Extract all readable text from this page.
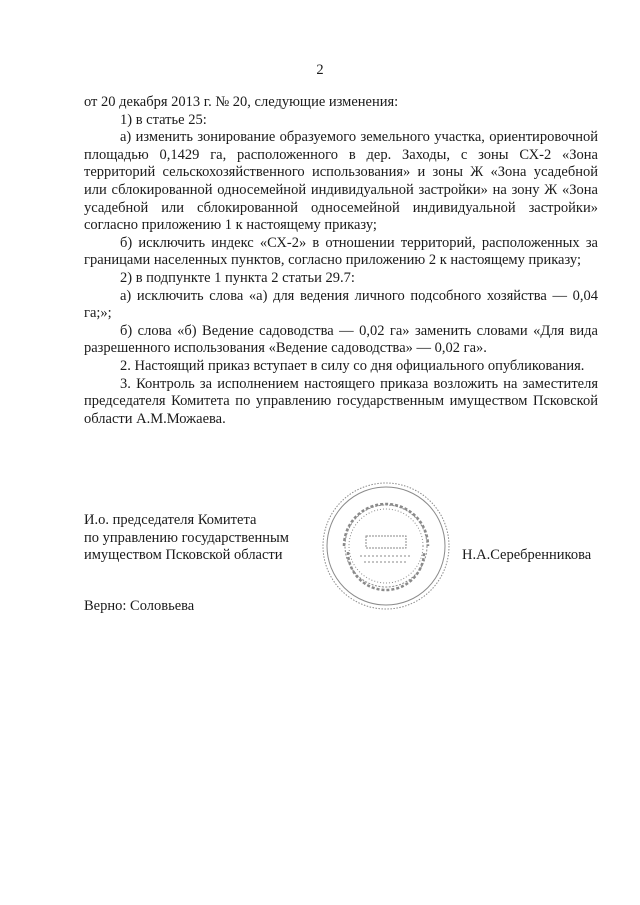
2

от 20 декабря 2013 г. № 20, следующие изменения:

1) в статье 25:

а) изменить зонирование образуемого земельного участка, ориентировочной площадью 0,1429 га, расположенного в дер. Заходы, с зоны СХ-2 «Зона территорий сельскохозяйственного использования» и зоны Ж «Зона усадебной или сблокированной односемейной индивидуальной застройки» на зону Ж «Зона усадебной или сблокированной односемейной индивидуальной застройки» согласно приложению 1 к настоящему приказу;

б) исключить индекс «СХ-2» в отношении территорий, расположенных за границами населенных пунктов, согласно приложению 2 к настоящему приказу;

2) в подпункте 1 пункта 2 статьи 29.7:

а) исключить слова «а) для ведения личного подсобного хозяйства — 0,04 га;»;

б) слова «б) Ведение садоводства — 0,02 га» заменить словами «Для вида разрешенного использования «Ведение садоводства» — 0,02 га».

2. Настоящий приказ вступает в силу со дня официального опубликования.

3. Контроль за исполнением настоящего приказа возложить на заместителя председателя Комитета по управлению государственным имуществом Псковской области А.М.Можаева.

И.о. председателя Комитета
по управлению государственным
имуществом Псковской области	Н.А.Серебренникова
Верно: Соловьева
